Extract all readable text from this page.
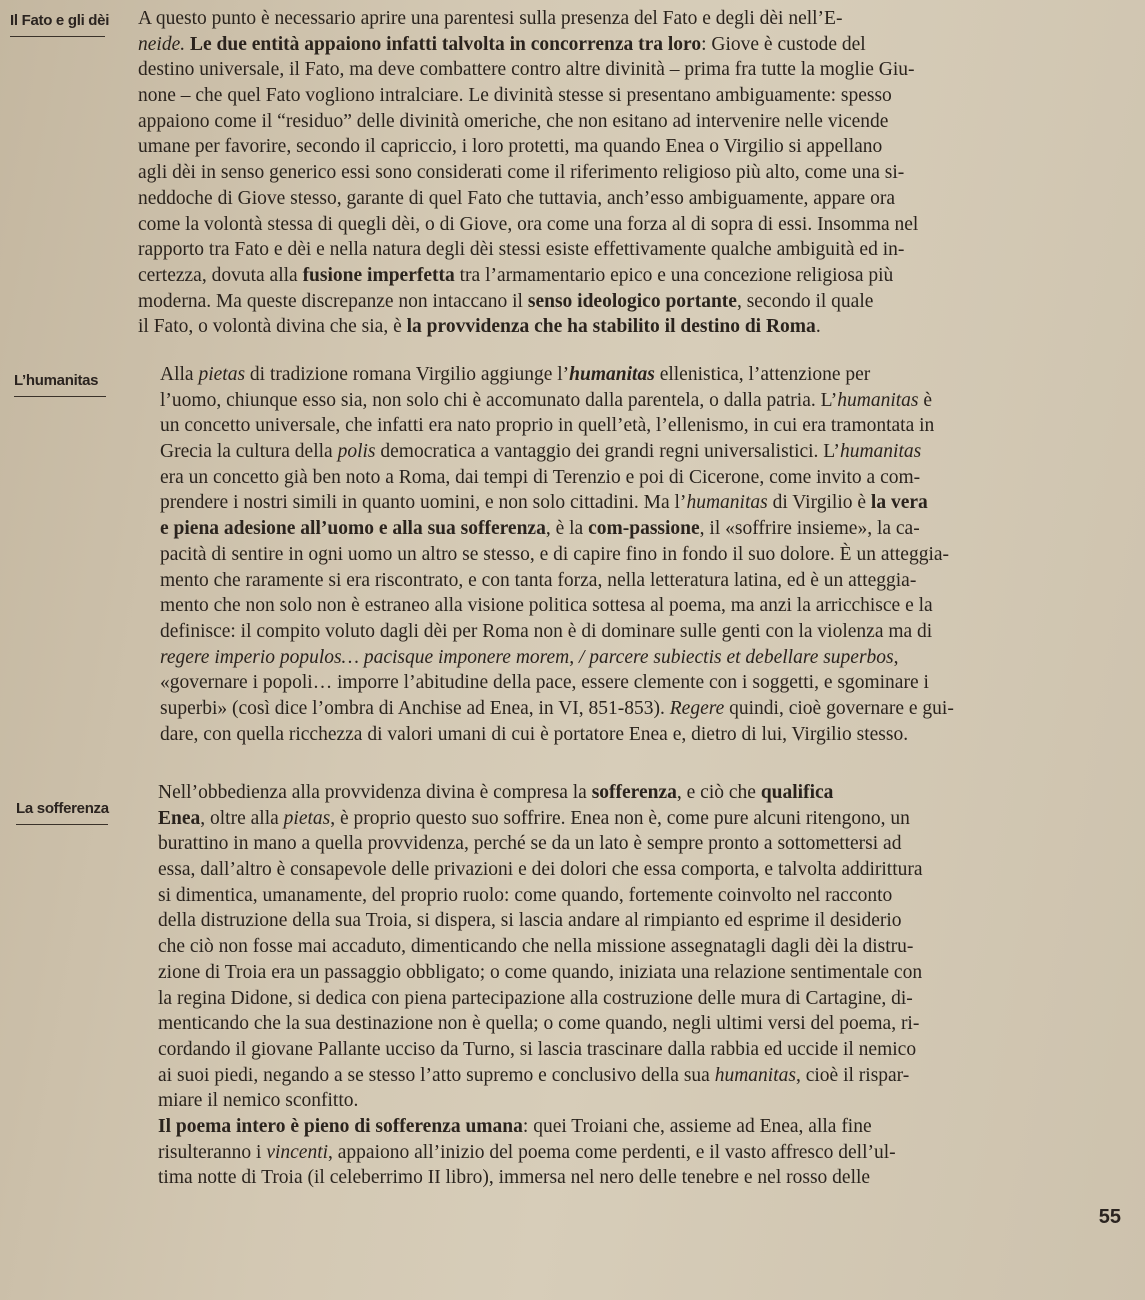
Il Fato e gli dèi A questo punto è necessario aprire una parentesi sulla presenza del Fato e degli dèi nell’E-
neide. Le due entità appaiono infatti talvolta in concorrenza tra loro: Giove è custode del
destino universale, il Fato, ma deve combattere contro altre divinità – prima fra tutte la moglie Giu-
none – che quel Fato vogliono intralciare. Le divinità stesse si presentano ambiguamente: spesso
appaiono come il “residuo” delle divinità omeriche, che non esitano ad intervenire nelle vicende
umane per favorire, secondo il capriccio, i loro protetti, ma quando Enea o Virgilio si appellano
agli dèi in senso generico essi sono considerati come il riferimento religioso più alto, come una si-
neddoche di Giove stesso, garante di quel Fato che tuttavia, anch’esso ambiguamente, appare ora
come la volontà stessa di quegli dèi, o di Giove, ora come una forza al di sopra di essi. Insomma nel
rapporto tra Fato e dèi e nella natura degli dèi stessi esiste effettivamente qualche ambiguità ed in-
certezza, dovuta alla fusione imperfetta tra l’armamentario epico e una concezione religiosa più
moderna. Ma queste discrepanze non intaccano il senso ideologico portante, secondo il quale
il Fato, o volontà divina che sia, è la provvidenza che ha stabilito il destino di Roma.
L’humanitas	Alla pietas di tradizione romana Virgilio aggiunge l’humanitas ellenistica, l’attenzione per
l’uomo, chiunque esso sia, non solo chi è accomunato dalla parentela, o dalla patria. L’humanitas è
un concetto universale, che infatti era nato proprio in quell’età, l’ellenismo, in cui era tramontata in
Grecia la cultura della polis democratica a vantaggio dei grandi regni universalistici. L’humanitas
era un concetto già ben noto a Roma, dai tempi di Terenzio e poi di Cicerone, come invito a com-
prendere i nostri simili in quanto uomini, e non solo cittadini. Ma l’humanitas di Virgilio è la vera
e piena adesione all’uomo e alla sua sofferenza, è la com-passione, il «soffrire insieme», la ca-
pacità di sentire in ogni uomo un altro se stesso, e di capire fino in fondo il suo dolore. È un atteggia-
mento che raramente si era riscontrato, e con tanta forza, nella letteratura latina, ed è un atteggia-
mento che non solo non è estraneo alla visione politica sottesa al poema, ma anzi la arricchisce e la
definisce: il compito voluto dagli dèi per Roma non è di dominare sulle genti con la violenza ma di
regere imperio populos… pacisque imponere morem, / parcere subiectis et debellare superbos,
«governare i popoli… imporre l’abitudine della pace, essere clemente con i soggetti, e sgominare i
superbi» (così dice l’ombra di Anchise ad Enea, in VI, 851-853). Regere quindi, cioè governare e gui-
dare, con quella ricchezza di valori umani di cui è portatore Enea e, dietro di lui, Virgilio stesso.
La sofferenza
Nell’obbedienza alla provvidenza divina è compresa la sofferenza, e ciò che qualifica
Enea, oltre alla pietas, è proprio questo suo soffrire. Enea non è, come pure alcuni ritengono, un
burattino in mano a quella provvidenza, perché se da un lato è sempre pronto a sottomettersi ad
essa, dall’altro è consapevole delle privazioni e dei dolori che essa comporta, e talvolta addirittura
si dimentica, umanamente, del proprio ruolo: come quando, fortemente coinvolto nel racconto
della distruzione della sua Troia, si dispera, si lascia andare al rimpianto ed esprime il desiderio
che ciò non fosse mai accaduto, dimenticando che nella missione assegnatagli dagli dèi la distru-
zione di Troia era un passaggio obbligato; o come quando, iniziata una relazione sentimentale con
la regina Didone, si dedica con piena partecipazione alla costruzione delle mura di Cartagine, di-
menticando che la sua destinazione non è quella; o come quando, negli ultimi versi del poema, ri-
cordando il giovane Pallante ucciso da Turno, si lascia trascinare dalla rabbia ed uccide il nemico
ai suoi piedi, negando a se stesso l’atto supremo e conclusivo della sua humanitas, cioè il rispar-
miare il nemico sconfitto.
Il poema intero è pieno di sofferenza umana: quei Troiani che, assieme ad Enea, alla fine
risulteranno i vincenti, appaiono all’inizio del poema come perdenti, e il vasto affresco dell’ul-
tima notte di Troia (il celeberrimo II libro), immersa nel nero delle tenebre e nel rosso delle
55
